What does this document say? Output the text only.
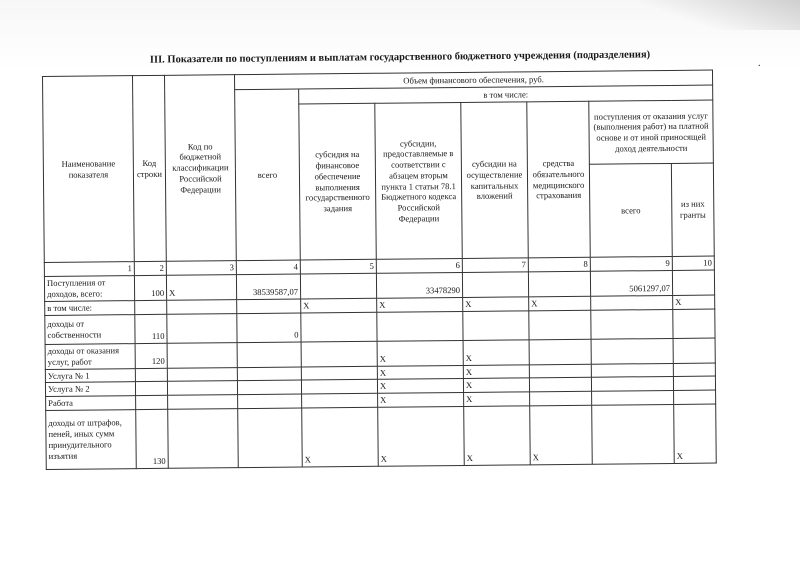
III. Показатели по поступлениям и выплатам государственного бюджетного учреждения (подразделения)	.
Наименование показателя	Код строки	Код по бюджетной классификации Российской Федерации	Объем финансового обеспечения, руб.						
			всего	в том числе:					
				субсидия на финансовое обеспечение выполнения государственного задания	субсидии, предоставляемые в соответствии с абзацем вторым пункта 1 статьи 78.1 Бюджетного кодекса Российской Федерации	субсидии на осуществление капитальных вложений	средства обязательного медицинского страхования	поступления от оказания услуг (выполнения работ) на платной основе и от иной приносящей доход деятельности	
								всего	из них гранты
1	2	3	4	5	6	7	8	9	10
Поступления от доходов, всего:	100	X	38539587,07		33478290			5061297,07	
в том числе:				X	X	X	X		X
доходы от собственности	110		0						
доходы от оказания услуг, работ	120				X	X			
Услуга № 1					X	X			
Услуга № 2					X	X			
Работа					X	X			
доходы от штрафов, пеней, иных сумм принудительного изъятия	130			X	X	X	X		X
